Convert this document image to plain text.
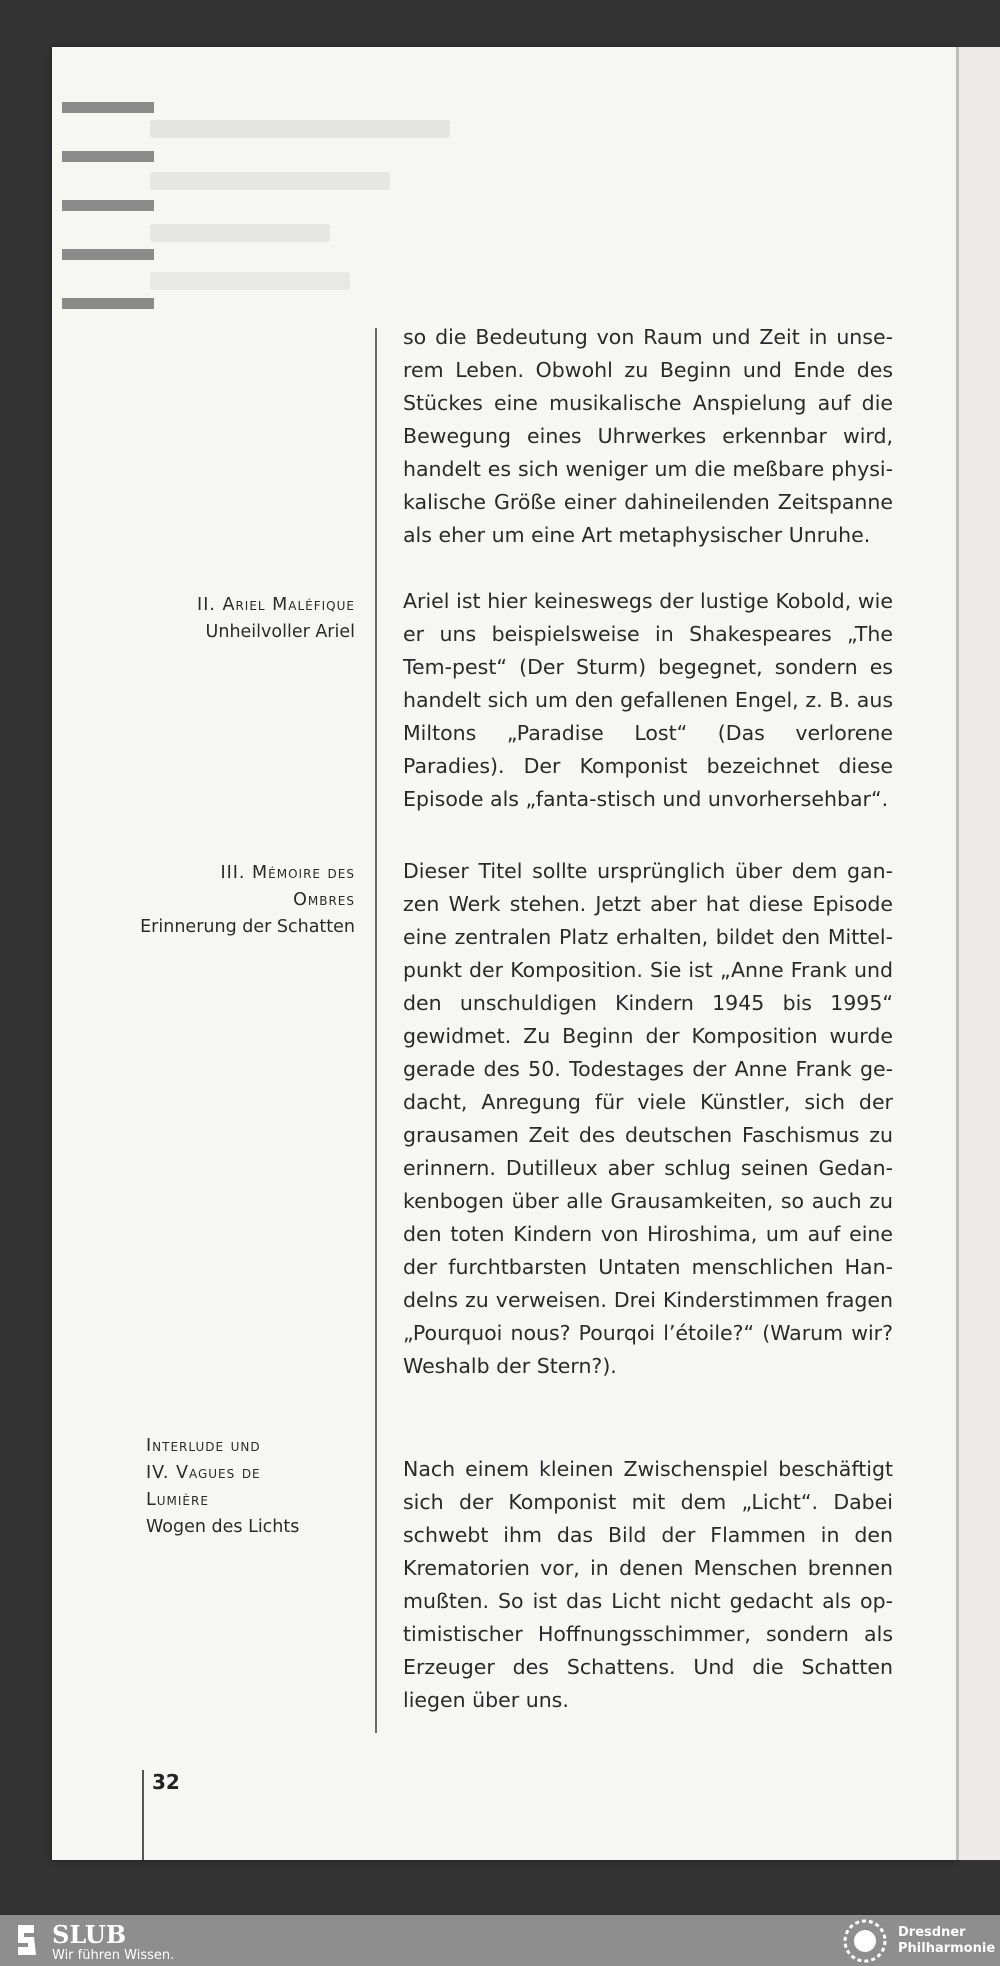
so die Bedeutung von Raum und Zeit in unse-rem Leben. Obwohl zu Beginn und Ende des Stückes eine musikalische Anspielung auf die Bewegung eines Uhrwerkes erkennbar wird, handelt es sich weniger um die meßbare physi-kalische Größe einer dahineilenden Zeitspanne als eher um eine Art metaphysischer Unruhe.
Ariel ist hier keineswegs der lustige Kobold, wie er uns beispielsweise in Shakespeares „The Tem-pest“ (Der Sturm) begegnet, sondern es handelt sich um den gefallenen Engel, z. B. aus Miltons „Paradise Lost“ (Das verlorene Paradies). Der Komponist bezeichnet diese Episode als „fanta-stisch und unvorhersehbar“.
Dieser Titel sollte ursprünglich über dem gan-zen Werk stehen. Jetzt aber hat diese Episode eine zentralen Platz erhalten, bildet den Mittel-punkt der Komposition. Sie ist „Anne Frank und den unschuldigen Kindern 1945 bis 1995“ gewidmet. Zu Beginn der Komposition wurde gerade des 50. Todestages der Anne Frank ge-dacht, Anregung für viele Künstler, sich der grausamen Zeit des deutschen Faschismus zu erinnern. Dutilleux aber schlug seinen Gedan-kenbogen über alle Grausamkeiten, so auch zu den toten Kindern von Hiroshima, um auf eine der furchtbarsten Untaten menschlichen Han-delns zu verweisen. Drei Kinderstimmen fragen „Pourquoi nous? Pourqoi l’étoile?“ (Warum wir? Weshalb der Stern?).
Nach einem kleinen Zwischenspiel beschäftigt sich der Komponist mit dem „Licht“. Dabei schwebt ihm das Bild der Flammen in den Krematorien vor, in denen Menschen brennen mußten. So ist das Licht nicht gedacht als op-timistischer Hoffnungsschimmer, sondern als Erzeuger des Schattens. Und die Schatten liegen über uns.
II. Ariel Maléfique
Unheilvoller Ariel
III. Mémoire des
Ombres
Erinnerung der Schatten
Interlude und
IV. Vagues de
Lumière
Wogen des Lichts
32
SLUB
Wir führen Wissen.
Dresdner
Philharmonie
